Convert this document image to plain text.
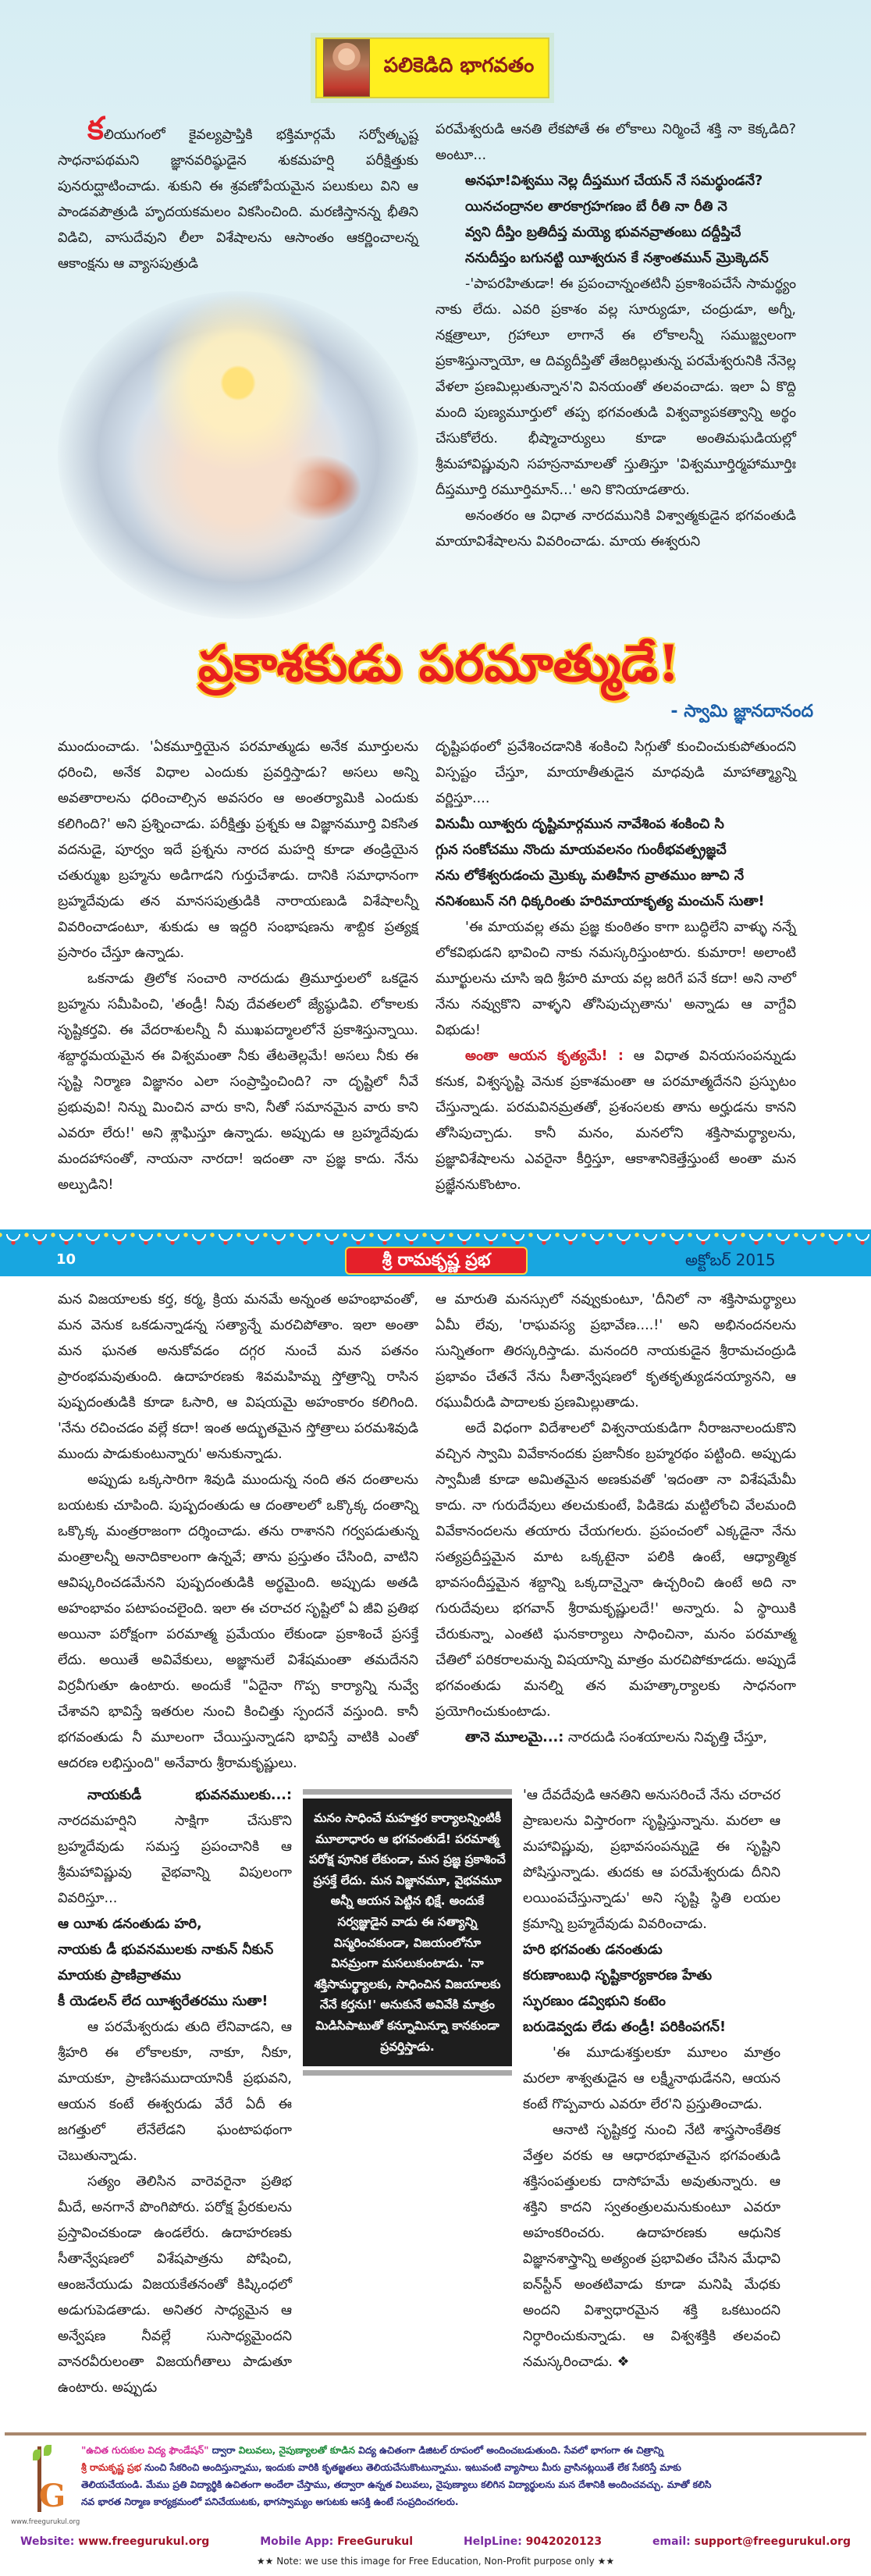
పలికెడిది భాగవతం

కలియుగంలో కైవల్యప్రాప్తికి భక్తిమార్గమే సర్వోత్కృష్ట సాధనాపథమని జ్ఞానవరిష్ఠుడైన శుకమహర్షి పరీక్షిత్తుకు పునరుద్ఘాటించాడు. శుకుని ఈ శ్రవణోపేయమైన పలుకులు విని ఆ పాండవపౌత్రుడి హృదయకమలం వికసించింది. మరణిస్తానన్న భీతిని విడిచి, వాసుదేవుని లీలా విశేషాలను ఆసాంతం ఆకర్ణించాలన్న ఆకాంక్షను ఆ వ్యాసపుత్రుడి

పరమేశ్వరుడి ఆనతి లేకపోతే ఈ లోకాలు నిర్మించే శక్తి నా కెక్కడిది? అంటూ...

అనఘా!విశ్వము నెల్ల దీప్తముగ చేయన్ నే సమర్థుండనే?

యినచంద్రానల తారకాగ్రహగణం బే రీతి నా రీతి నె

వ్వని దీప్తిం బ్రతిదీప్త మయ్యె భువనవ్రాతంబు దద్దీప్తిచే

ననుదీప్తం బగునట్టి యీశ్వరున కే నశ్రాంతమున్ మ్రొక్కెదన్

-'పాపరహితుడా! ఈ ప్రపంచాన్నంతటినీ ప్రకాశింపచేసే సామర్థ్యం నాకు లేదు. ఎవరి ప్రకాశం వల్ల సూర్యుడూ, చంద్రుడూ, అగ్నీ, నక్షత్రాలూ, గ్రహాలూ లాగానే ఈ లోకాలన్నీ సముజ్జ్వలంగా ప్రకాశిస్తున్నాయో, ఆ దివ్యదీప్తితో తేజరిల్లుతున్న పరమేశ్వరునికి నేనెల్ల వేళలా ప్రణమిల్లుతున్నాన'ని వినయంతో తలవంచాడు. ఇలా ఏ కొద్ది మంది పుణ్యమూర్తులో తప్ప భగవంతుడి విశ్వవ్యాపకత్వాన్ని అర్థం చేసుకోలేరు. భీష్మాచార్యులు కూడా అంతిమఘడియల్లో శ్రీమహావిష్ణువుని సహస్రనామాలతో స్తుతిస్తూ 'విశ్వమూర్తిర్మహామూర్తిః దీప్తమూర్తి రమూర్తిమాన్...' అని కొనియాడతారు.

అనంతరం ఆ విధాత నారదమునికి విశ్వాత్మకుడైన భగవంతుడి మాయావిశేషాలను వివరించాడు. మాయ ఈశ్వరుని

ప్రకాశకుడు పరమాత్ముడే!
- స్వామి జ్ఞానదానంద

ముందుంచాడు. 'ఏకమూర్తియైన పరమాత్ముడు అనేక మూర్తులను ధరించి, అనేక విధాల ఎందుకు ప్రవర్తిస్తాడు? అసలు అన్ని అవతారాలను ధరించాల్సిన అవసరం ఆ అంతర్యామికి ఎందుకు కలిగింది?' అని ప్రశ్నించాడు. పరీక్షిత్తు ప్రశ్నకు ఆ విజ్ఞానమూర్తి వికసిత వదనుడై, పూర్వం ఇదే ప్రశ్నను నారద మహర్షి కూడా తండ్రియైన చతుర్ముఖ బ్రహ్మను అడిగాడని గుర్తుచేశాడు. దానికి సమాధానంగా బ్రహ్మదేవుడు తన మానసపుత్రుడికి నారాయణుడి విశేషాలన్నీ వివరించాడంటూ, శుకుడు ఆ ఇద్దరి సంభాషణను శాబ్దిక ప్రత్యక్ష ప్రసారం చేస్తూ ఉన్నాడు.

ఒకనాడు త్రిలోక సంచారి నారదుడు త్రిమూర్తులలో ఒకడైన బ్రహ్మను సమీపించి, 'తండ్రీ! నీవు దేవతలలో జ్యేష్ఠుడివి. లోకాలకు సృష్టికర్తవి. ఈ వేదరాశులన్నీ నీ ముఖపద్మాలలోనే ప్రకాశిస్తున్నాయి. శబ్దార్థమయమైన ఈ విశ్వమంతా నీకు తేటతెల్లమే! అసలు నీకు ఈ సృష్టి నిర్మాణ విజ్ఞానం ఎలా సంప్రాప్తించింది? నా దృష్టిలో నీవే ప్రభువువి! నిన్ను మించిన వారు కాని, నీతో సమానమైన వారు కాని ఎవరూ లేరు!' అని శ్లాఘిస్తూ ఉన్నాడు. అప్పుడు ఆ బ్రహ్మదేవుడు మందహాసంతో, నాయనా నారదా! ఇదంతా నా ప్రజ్ఞ కాదు. నేను అల్పుడిని!

దృష్టిపథంలో ప్రవేశించడానికి శంకించి సిగ్గుతో కుంచించుకుపోతుందని విస్పష్టం చేస్తూ, మాయాతీతుడైన మాధవుడి మాహాత్మ్యాన్ని వర్ణిస్తూ....

వినుమీ యీశ్వరు దృష్టిమార్గమున నావేశింప శంకించి సి

గ్గున సంకోచము నొందు మాయవలనం గుంఠీభవత్ప్రజ్ఞచే

నను లోకేశ్వరుడంచు మ్రొక్కు మతిహీన వ్రాతముం జూచి నే

ననిశంబున్ నగి ధిక్కరింతు హరిమాయాకృత్య మంచున్ సుతా!

'ఈ మాయవల్ల తమ ప్రజ్ఞ కుంఠితం కాగా బుద్ధిలేని వాళ్ళు నన్నే లోకవిభుడని భావించి నాకు నమస్కరిస్తుంటారు. కుమారా! అలాంటి మూర్ఖులను చూసి ఇది శ్రీహరి మాయ వల్ల జరిగే పనే కదా! అని నాలో నేను నవ్వుకొని వాళ్ళని తోసిపుచ్చుతాను' అన్నాడు ఆ వాగ్దేవి విభుడు!

అంతా ఆయన కృత్యమే! : ఆ విధాత వినయసంపన్నుడు కనుక, విశ్వసృష్టి వెనుక ప్రకాశమంతా ఆ పరమాత్మదేనని ప్రస్ఫుటం చేస్తున్నాడు. పరమవినమ్రతతో, ప్రశంసలకు తాను అర్హుడను కానని తోసిపుచ్చాడు. కానీ మనం, మనలోని శక్తిసామర్థ్యాలను, ప్రజ్ఞావిశేషాలను ఎవరైనా కీర్తిస్తూ, ఆకాశానికెత్తేస్తుంటే అంతా మన ప్రజ్ఞేననుకొంటాం.

10	శ్రీ రామకృష్ణ ప్రభ	అక్టోబర్ 2015

మన విజయాలకు కర్త, కర్మ, క్రియ మనమే అన్నంత అహంభావంతో, మన వెనుక ఒకడున్నాడన్న సత్యాన్నే మరచిపోతాం. ఇలా అంతా మన ఘనత అనుకోవడం దగ్గర నుంచే మన పతనం ప్రారంభమవుతుంది. ఉదాహరణకు శివమహిమ్న స్తోత్రాన్ని రాసిన పుష్పదంతుడికి కూడా ఓసారి, ఆ విషయమై అహంకారం కలిగింది. 'నేను రచించడం వల్లే కదా! ఇంత అద్భుతమైన స్తోత్రాలు పరమశివుడి ముందు పాడుకుంటున్నారు' అనుకున్నాడు.

అప్పుడు ఒక్కసారిగా శివుడి ముందున్న నంది తన దంతాలను బయటకు చూపింది. పుష్పదంతుడు ఆ దంతాలలో ఒక్కొక్క దంతాన్ని ఒక్కొక్క మంత్రరాజంగా దర్శించాడు. తను రాశానని గర్వపడుతున్న మంత్రాలన్నీ అనాదికాలంగా ఉన్నవే; తాను ప్రస్తుతం చేసింది, వాటిని ఆవిష్కరించడమేనని పుష్పదంతుడికి అర్థమైంది. అప్పుడు అతడి అహంభావం పటాపంచలైంది. ఇలా ఈ చరాచర సృష్టిలో ఏ జీవి ప్రతిభ అయినా పరోక్షంగా పరమాత్మ ప్రమేయం లేకుండా ప్రకాశించే ప్రసక్తే లేదు. అయితే అవివేకులు, అజ్ఞానులే విశేషమంతా తమదేనని విర్రవీగుతూ ఉంటారు. అందుకే "ఏదైనా గొప్ప కార్యాన్ని నువ్వే చేశావని భావిస్తే ఇతరుల నుంచి కించిత్తు స్పందనే వస్తుంది. కానీ భగవంతుడు నీ మూలంగా చేయిస్తున్నాడని భావిస్తే వాటికి ఎంతో ఆదరణ లభిస్తుంది" అనేవారు శ్రీరామకృష్ణులు.

ఆ మారుతి మనస్సులో నవ్వుకుంటూ, 'దీనిలో నా శక్తిసామర్థ్యాలు ఏమీ లేవు, 'రాఘవస్య ప్రభావేణ....!' అని అభినందనలను సున్నితంగా తిరస్కరిస్తాడు. మనందరి నాయకుడైన శ్రీరామచంద్రుడి ప్రభావం చేతనే నేను సీతాన్వేషణలో కృతకృత్యుడనయ్యానని, ఆ రఘువీరుడి పాదాలకు ప్రణమిల్లుతాడు.

అదే విధంగా విదేశాలలో విశ్వనాయకుడిగా నీరాజనాలందుకొని వచ్చిన స్వామి వివేకానందకు ప్రజానీకం బ్రహ్మరథం పట్టింది. అప్పుడు స్వామీజీ కూడా అమితమైన అణకువతో 'ఇదంతా నా విశేషమేమీ కాదు. నా గురుదేవులు తలచుకుంటే, పిడికెడు మట్టిలోంచి వేలమంది వివేకానందలను తయారు చేయగలరు. ప్రపంచంలో ఎక్కడైనా నేను సత్యప్రదీప్తమైన మాట ఒక్కటైనా పలికి ఉంటే, ఆధ్యాత్మిక భావసందీప్తమైన శబ్దాన్ని ఒక్కదాన్నైనా ఉచ్చరించి ఉంటే అది నా గురుదేవులు భగవాన్ శ్రీరామకృష్ణులదే!' అన్నారు. ఏ స్థాయికి చేరుకున్నా, ఎంతటి ఘనకార్యాలు సాధించినా, మనం పరమాత్మ చేతిలో పరికరాలమన్న విషయాన్ని మాత్రం మరచిపోకూడదు. అప్పుడే భగవంతుడు మనల్ని తన మహత్కార్యాలకు సాధనంగా ప్రయోగించుకుంటాడు.

తానె మూలమై...: నారదుడి సంశయాలను నివృత్తి చేస్తూ,

నాయకుడీ భువనములకు...: నారదమహర్షిని సాక్షిగా చేసుకొని బ్రహ్మదేవుడు సమస్త ప్రపంచానికి ఆ శ్రీమహావిష్ణువు వైభవాన్ని విపులంగా వివరిస్తూ...

ఆ యీశు డనంతుడు హరి,

నాయకు డీ భువనములకు నాకున్ నీకున్

మాయకు ప్రాణివ్రాతము

కీ యెడలన్ లేద యీశ్వరేతరము సుతా!

ఆ పరమేశ్వరుడు తుది లేనివాడని, ఆ శ్రీహరి ఈ లోకాలకూ, నాకూ, నీకూ, మాయకూ, ప్రాణిసముదాయానికీ ప్రభువని, ఆయన కంటే ఈశ్వరుడు వేరే ఏదీ ఈ జగత్తులో లేనేలేడని ఘంటాపథంగా చెబుతున్నాడు.

సత్యం తెలిసిన వారెవరైనా ప్రతిభ మీదే, అనగానే పొంగిపోరు. పరోక్ష ప్రేరకులను ప్రస్తావించకుండా ఉండలేరు. ఉదాహరణకు సీతాన్వేషణలో విశేషపాత్రను పోషించి, ఆంజనేయుడు విజయకేతనంతో కిష్కింధలో అడుగుపెడతాడు. అనితర సాధ్యమైన ఆ అన్వేషణ నీవల్లే సుసాధ్యమైందని వానరవీరులంతా విజయగీతాలు పాడుతూ ఉంటారు. అప్పుడు

మనం సాధించే మహత్తర కార్యాలన్నింటికీ మూలాధారం ఆ భగవంతుడే! పరమాత్మ పరోక్ష పూనిక లేకుండా, మన ప్రజ్ఞ ప్రకాశించే ప్రసక్తే లేదు. మన విజ్ఞానమూ, వైభవమూ అన్నీ ఆయన పెట్టిన భిక్షే. అందుకే సర్వజ్ఞుడైన వాడు ఈ సత్యాన్ని విస్మరించకుండా, విజయంలోనూ వినమ్రంగా మసలుకుంటాడు. 'నా శక్తిసామర్థ్యాలకు, సాధించిన విజయాలకు నేనే కర్తను!' అనుకునే అవివేకి మాత్రం మిడిసిపాటుతో కన్నూమిన్నూ కానకుండా ప్రవర్తిస్తాడు.

'ఆ దేవదేవుడి ఆనతిని అనుసరించే నేను చరాచర ప్రాణులను విస్తారంగా సృష్టిస్తున్నాను. మరలా ఆ మహావిష్ణువు, ప్రభావసంపన్నుడై ఈ సృష్టిని పోషిస్తున్నాడు. తుదకు ఆ పరమేశ్వరుడు దీనిని లయింపచేస్తున్నాడు' అని సృష్టి స్థితి లయల క్రమాన్ని బ్రహ్మదేవుడు వివరించాడు.

హరి భగవంతు డనంతుడు

కరుణాంబుధి సృష్టికార్యకారణ హేతు

స్ఫురణుం డవ్విభుని కంటెం

బరుడెవ్వడు లేడు తండ్రీ! పరికింపగన్!

'ఈ మూడుశక్తులకూ మూలం మాత్రం మరలా శాశ్వతుడైన ఆ లక్ష్మీనాథుడేనని, ఆయన కంటే గొప్పవారు ఎవరూ లేర'ని ప్రస్తుతించాడు.

ఆనాటి సృష్టికర్త నుంచి నేటి శాస్త్రసాంకేతిక వేత్తల వరకు ఆ ఆధారభూతమైన భగవంతుడి శక్తిసంపత్తులకు దాసోహమే అవుతున్నారు. ఆ శక్తిని కాదని స్వతంత్రులమనుకుంటూ ఎవరూ అహంకరించరు. ఉదాహరణకు ఆధునిక విజ్ఞానశాస్త్రాన్ని అత్యంత ప్రభావితం చేసిన మేధావి ఐన్‌స్టీన్ అంతటివాడు కూడా మనిషి మేధకు అందని విశ్వాధారమైన శక్తి ఒకటుందని నిర్ధారించుకున్నాడు. ఆ విశ్వశక్తికి తలవంచి నమస్కరించాడు. ❖

G
www.freegurukul.org
"ఉచిత గురుకుల విద్య ఫౌండేషన్" ద్వారా విలువలు, నైపుణ్యాలతో కూడిన విద్య ఉచితంగా డిజిటల్ రూపంలో అందించబడుతుంది. సేవలో భాగంగా ఈ చిత్రాన్ని
శ్రీ రామకృష్ణ ప్రభ నుంచి సేకరించి అందిస్తున్నాము, ఇందుకు వారికి కృతజ్ఞతలు తెలియచేసుకొంటున్నాము. ఇటువంటి వ్యాసాలు మీరు వ్రాసినట్లయితే లేక సేకరిస్తే మాకు
తెలియచేయండి. మేము ప్రతి విద్యార్థికి ఉచితంగా అందేలా చేస్తాము, తద్వారా ఉన్నత విలువలు, నైపుణ్యాలు కలిగిన విద్యార్థులను మన దేశానికి అందించవచ్చు. మాతో కలిసి
నవ భారత నిర్మాణ కార్యక్రమంలో పనిచేయుటకు, భాగస్వామ్యం అగుటకు ఆసక్తి ఉంటే సంప్రదించగలరు.
Website: www.freegurukul.org	Mobile App: FreeGurukul	HelpLine: 9042020123	email: support@freegurukul.org
★★ Note: we use this image for Free Education, Non-Profit purpose only ★★
